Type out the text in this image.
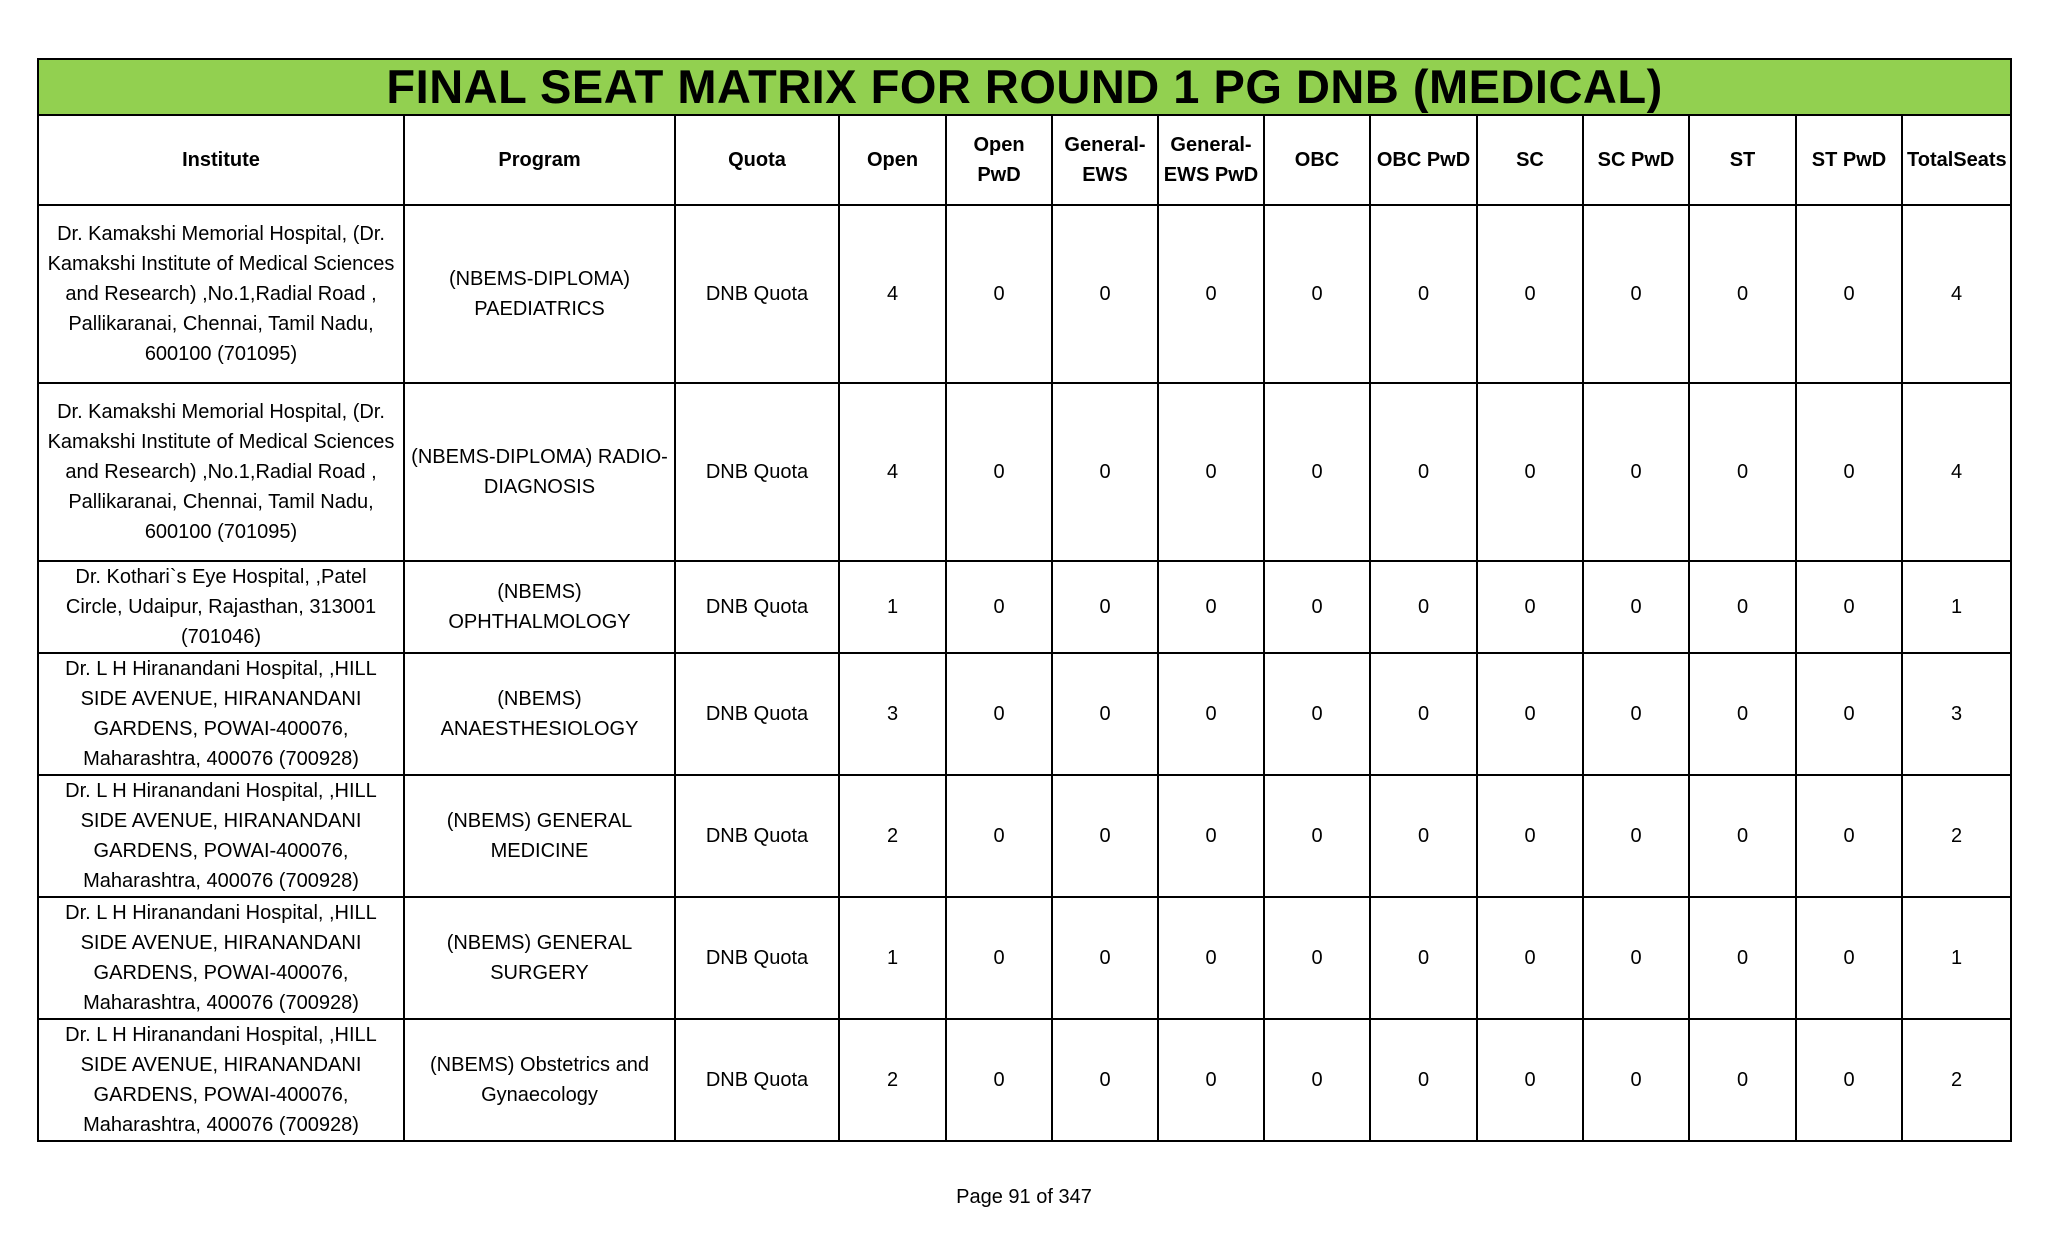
FINAL SEAT MATRIX FOR ROUND 1 PG DNB (MEDICAL)													
Institute	Program	Quota	Open	Open PwD	General-EWS	General-EWS PwD	OBC	OBC PwD	SC	SC PwD	ST	ST PwD	TotalSeats
Dr. Kamakshi Memorial Hospital, (Dr. Kamakshi Institute of Medical Sciences and Research) ,No.1,Radial Road , Pallikaranai, Chennai, Tamil Nadu, 600100 (701095)	(NBEMS-DIPLOMA) PAEDIATRICS	DNB Quota	4	0	0	0	0	0	0	0	0	0	4
Dr. Kamakshi Memorial Hospital, (Dr. Kamakshi Institute of Medical Sciences and Research) ,No.1,Radial Road , Pallikaranai, Chennai, Tamil Nadu, 600100 (701095)	(NBEMS-DIPLOMA) RADIO-DIAGNOSIS	DNB Quota	4	0	0	0	0	0	0	0	0	0	4
Dr. Kothari`s Eye Hospital, ,Patel Circle, Udaipur, Rajasthan, 313001 (701046)	(NBEMS) OPHTHALMOLOGY	DNB Quota	1	0	0	0	0	0	0	0	0	0	1
Dr. L H Hiranandani Hospital, ,HILL SIDE AVENUE, HIRANANDANI GARDENS, POWAI-400076, Maharashtra, 400076 (700928)	(NBEMS) ANAESTHESIOLOGY	DNB Quota	3	0	0	0	0	0	0	0	0	0	3
Dr. L H Hiranandani Hospital, ,HILL SIDE AVENUE, HIRANANDANI GARDENS, POWAI-400076, Maharashtra, 400076 (700928)	(NBEMS) GENERAL MEDICINE	DNB Quota	2	0	0	0	0	0	0	0	0	0	2
Dr. L H Hiranandani Hospital, ,HILL SIDE AVENUE, HIRANANDANI GARDENS, POWAI-400076, Maharashtra, 400076 (700928)	(NBEMS) GENERAL SURGERY	DNB Quota	1	0	0	0	0	0	0	0	0	0	1
Dr. L H Hiranandani Hospital, ,HILL SIDE AVENUE, HIRANANDANI GARDENS, POWAI-400076, Maharashtra, 400076 (700928)	(NBEMS) Obstetrics and Gynaecology	DNB Quota	2	0	0	0	0	0	0	0	0	0	2
Page 91 of 347
